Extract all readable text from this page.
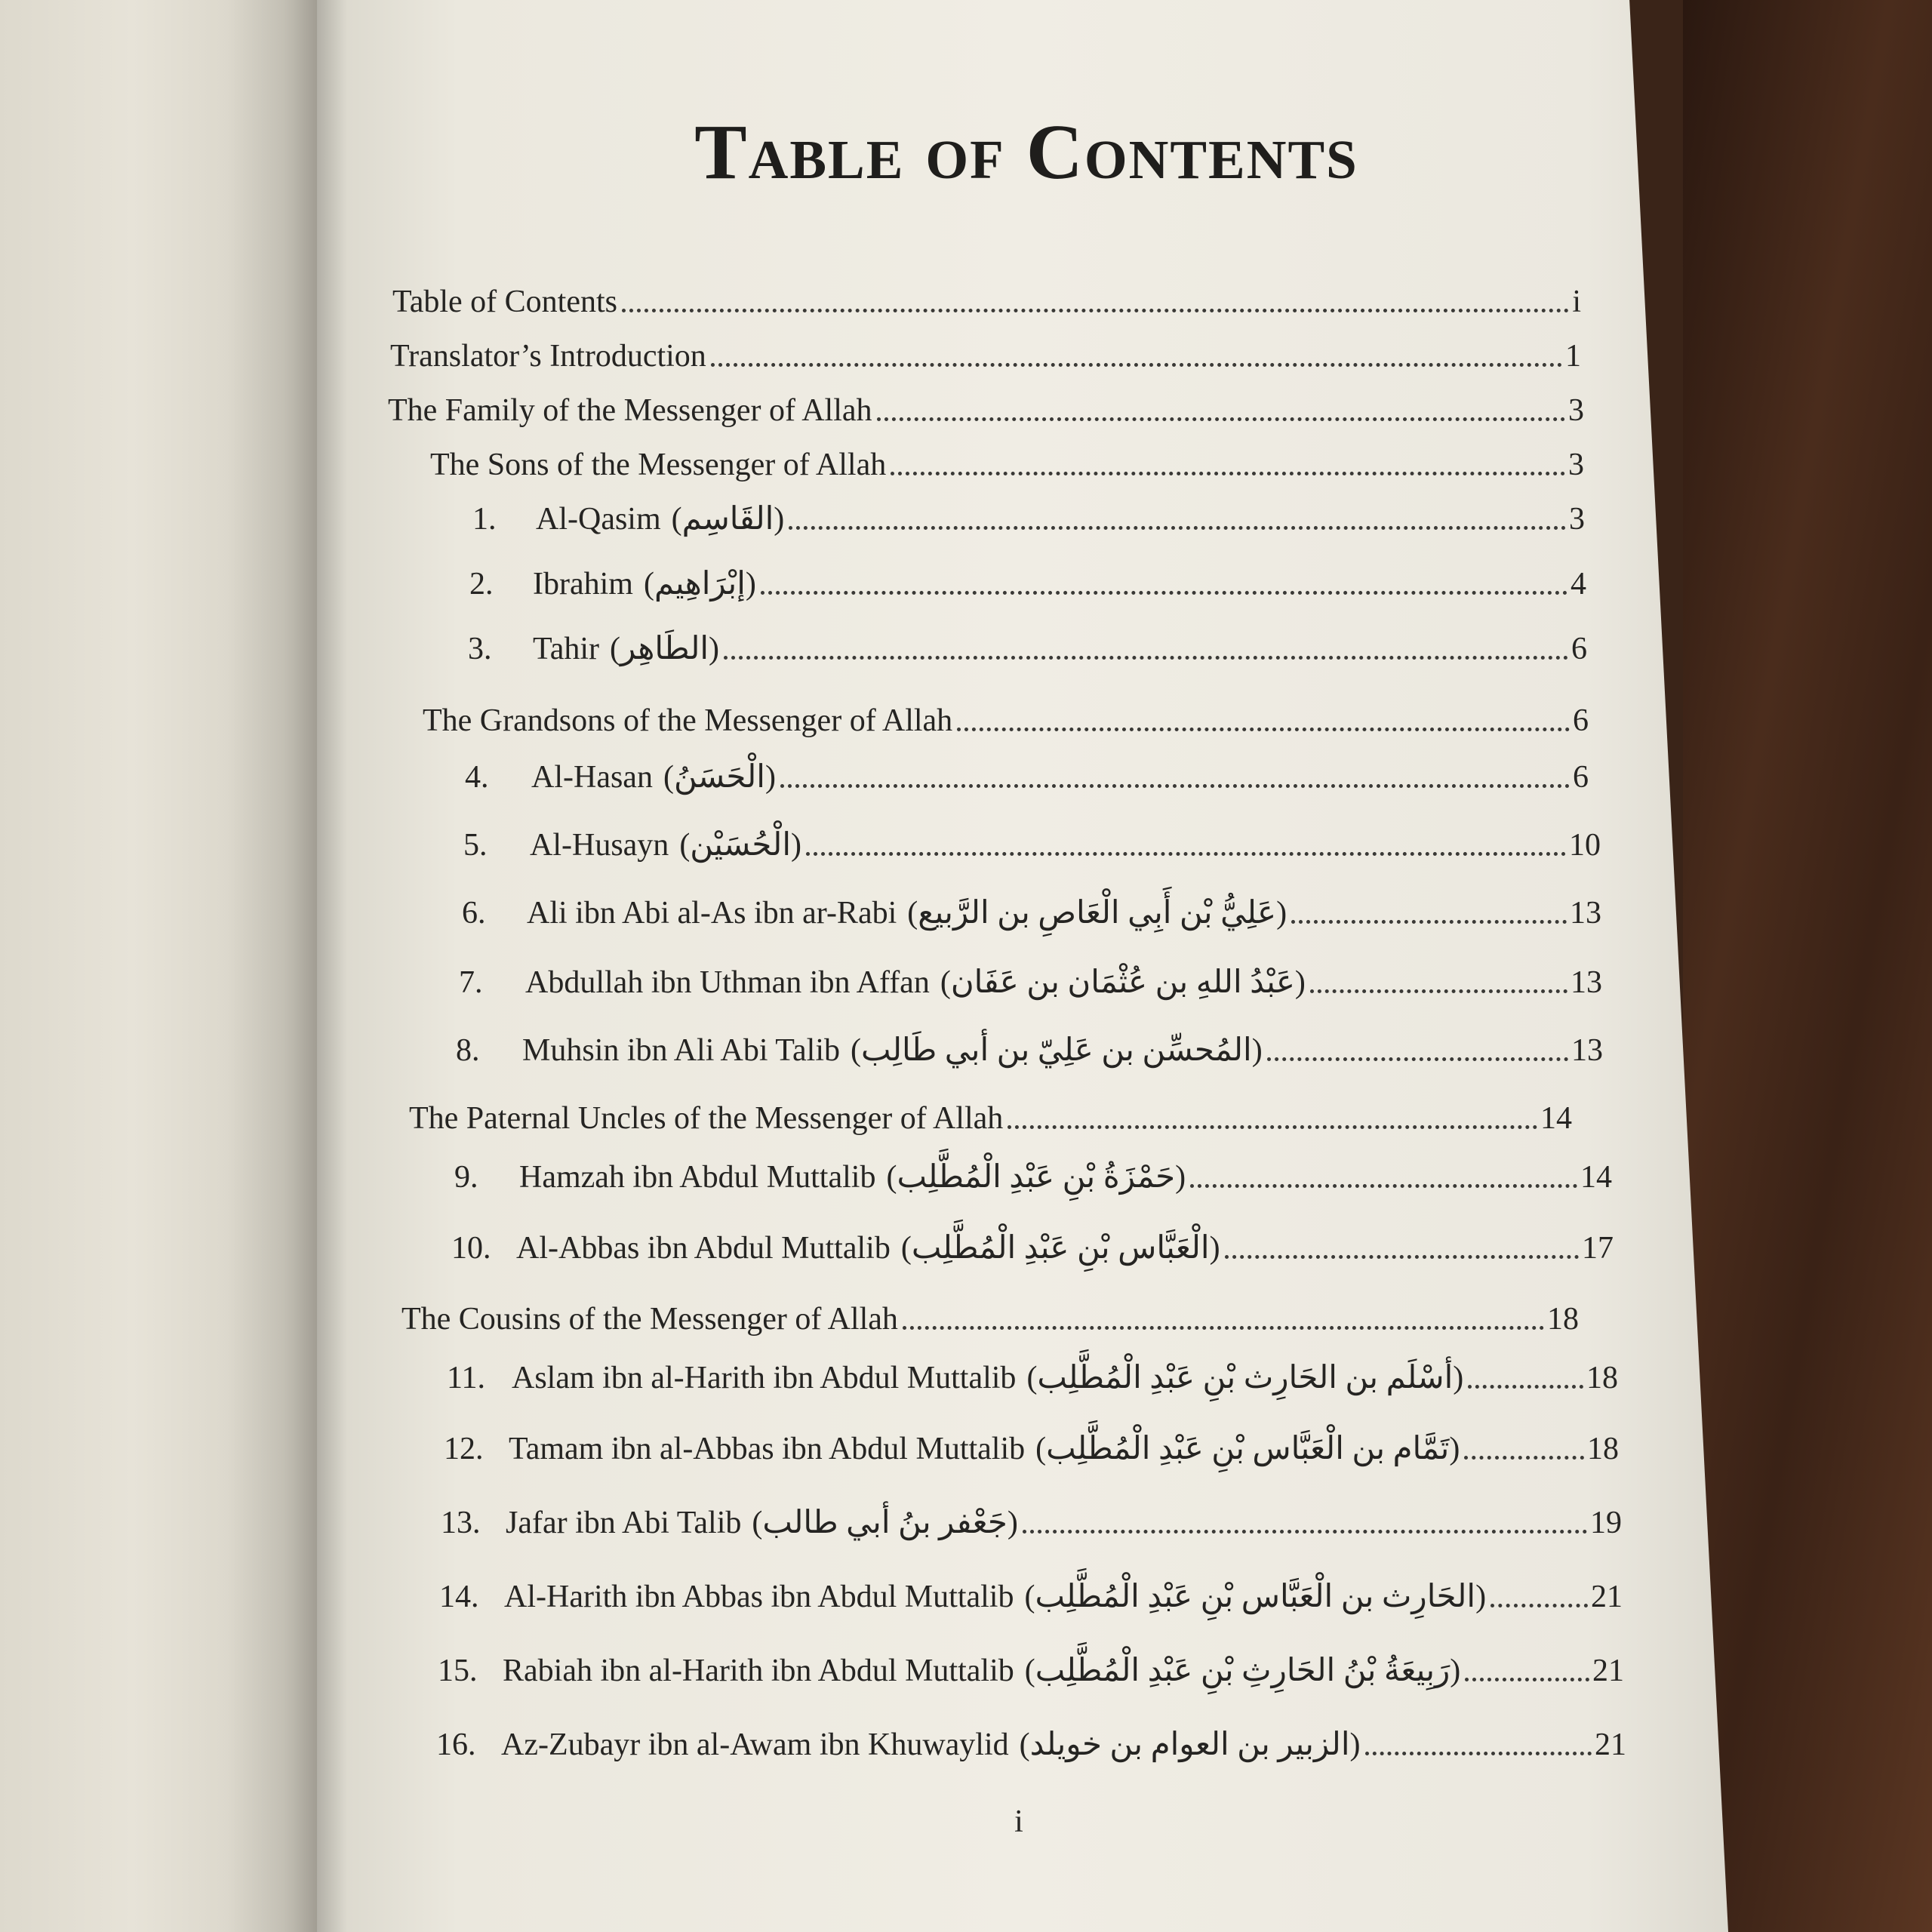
Table of Contents
Table of Contents	i
Translator’s Introduction	1
The Family of the Messenger of Allah	3
The Sons of the Messenger of Allah	3
1.	Al-Qasim (القَاسِم)	3
2.	Ibrahim (إبْرَاهِيم)	4
3.	Tahir (الطَاهِر)	6
The Grandsons of the Messenger of Allah	6
4.	Al-Hasan (الْحَسَنُ)	6
5.	Al-Husayn (الْحُسَيْن)	10
6.	Ali ibn Abi al-As ibn ar-Rabi (عَلِيُّ بْن أَبِي الْعَاصِ بن الرَّبيع)	13
7.	Abdullah ibn Uthman ibn Affan (عَبْدُ اللهِ بن عُثْمَان بن عَفَان)	13
8.	Muhsin ibn Ali Abi Talib (المُحسِّن بن عَلِيّ بن أبي طَالِب)	13
The Paternal Uncles of the Messenger of Allah	14
9.	Hamzah ibn Abdul Muttalib (حَمْزَةُ بْنِ عَبْدِ الْمُطَّلِب)	14
10. Al-Abbas ibn Abdul Muttalib (الْعَبَّاس بْنِ عَبْدِ الْمُطَّلِب)	17
The Cousins of the Messenger of Allah	18
11. Aslam ibn al-Harith ibn Abdul Muttalib (أسْلَم بن الحَارِث بْنِ عَبْدِ الْمُطَّلِب)	18
12. Tamam ibn al-Abbas ibn Abdul Muttalib (تَمَّام بن الْعَبَّاس بْنِ عَبْدِ الْمُطَّلِب)	18
13. Jafar ibn Abi Talib (جَعْفر بنُ أبي طالب)	19
14. Al-Harith ibn Abbas ibn Abdul Muttalib (الحَارِث بن الْعَبَّاس بْنِ عَبْدِ الْمُطَّلِب)	21
15. Rabiah ibn al-Harith ibn Abdul Muttalib (رَبِيعَةُ بْنُ الحَارِثِ بْنِ عَبْدِ الْمُطَّلِب)	21
16. Az-Zubayr ibn al-Awam ibn Khuwaylid (الزبير بن العوام بن خويلد)	21
i
